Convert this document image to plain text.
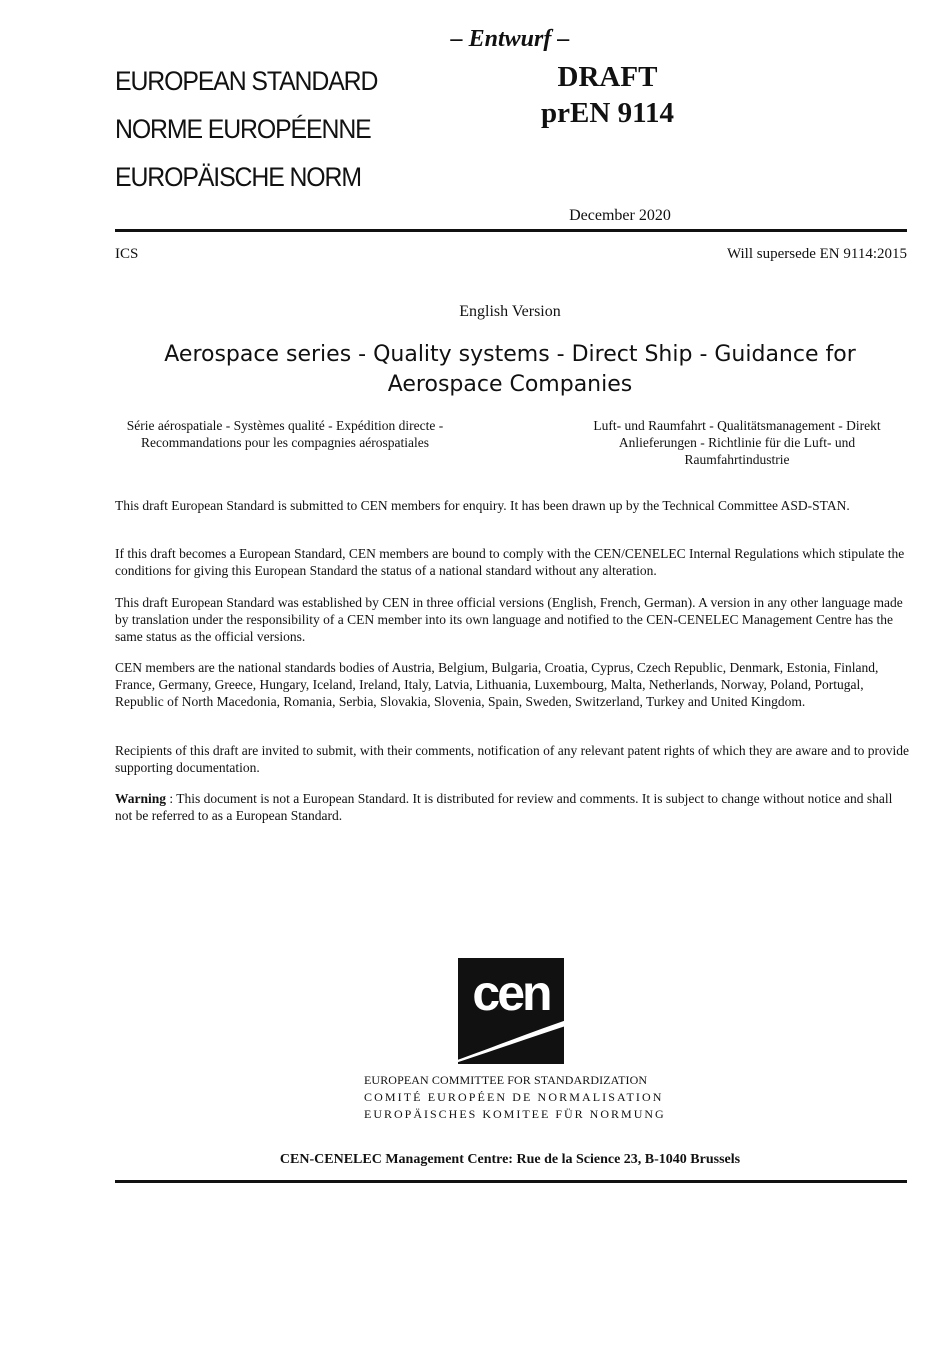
– Entwurf –
EUROPEAN STANDARD
NORME EUROPÉENNE
EUROPÄISCHE NORM
DRAFT
prEN 9114
December 2020
ICS	Will supersede EN 9114:2015
English Version
Aerospace series - Quality systems - Direct Ship - Guidance for Aerospace Companies
Série aérospatiale - Systèmes qualité - Expédition directe - Recommandations pour les compagnies aérospatiales
Luft- und Raumfahrt - Qualitätsmanagement - Direkt Anlieferungen - Richtlinie für die Luft- und Raumfahrtindustrie
This draft European Standard is submitted to CEN members for enquiry. It has been drawn up by the Technical Committee ASD-STAN.
If this draft becomes a European Standard, CEN members are bound to comply with the CEN/CENELEC Internal Regulations which stipulate the conditions for giving this European Standard the status of a national standard without any alteration.
This draft European Standard was established by CEN in three official versions (English, French, German). A version in any other language made by translation under the responsibility of a CEN member into its own language and notified to the CEN-CENELEC Management Centre has the same status as the official versions.
CEN members are the national standards bodies of Austria, Belgium, Bulgaria, Croatia, Cyprus, Czech Republic, Denmark, Estonia, Finland, France, Germany, Greece, Hungary, Iceland, Ireland, Italy, Latvia, Lithuania, Luxembourg, Malta, Netherlands, Norway, Poland, Portugal, Republic of North Macedonia, Romania, Serbia, Slovakia, Slovenia, Spain, Sweden, Switzerland, Turkey and United Kingdom.
Recipients of this draft are invited to submit, with their comments, notification of any relevant patent rights of which they are aware and to provide supporting documentation.
Warning : This document is not a European Standard. It is distributed for review and comments. It is subject to change without notice and shall not be referred to as a European Standard.
cen
EUROPEAN COMMITTEE FOR STANDARDIZATION
COMITÉ EUROPÉEN DE NORMALISATION
EUROPÄISCHES KOMITEE FÜR NORMUNG
CEN-CENELEC Management Centre: Rue de la Science 23, B-1040 Brussels
